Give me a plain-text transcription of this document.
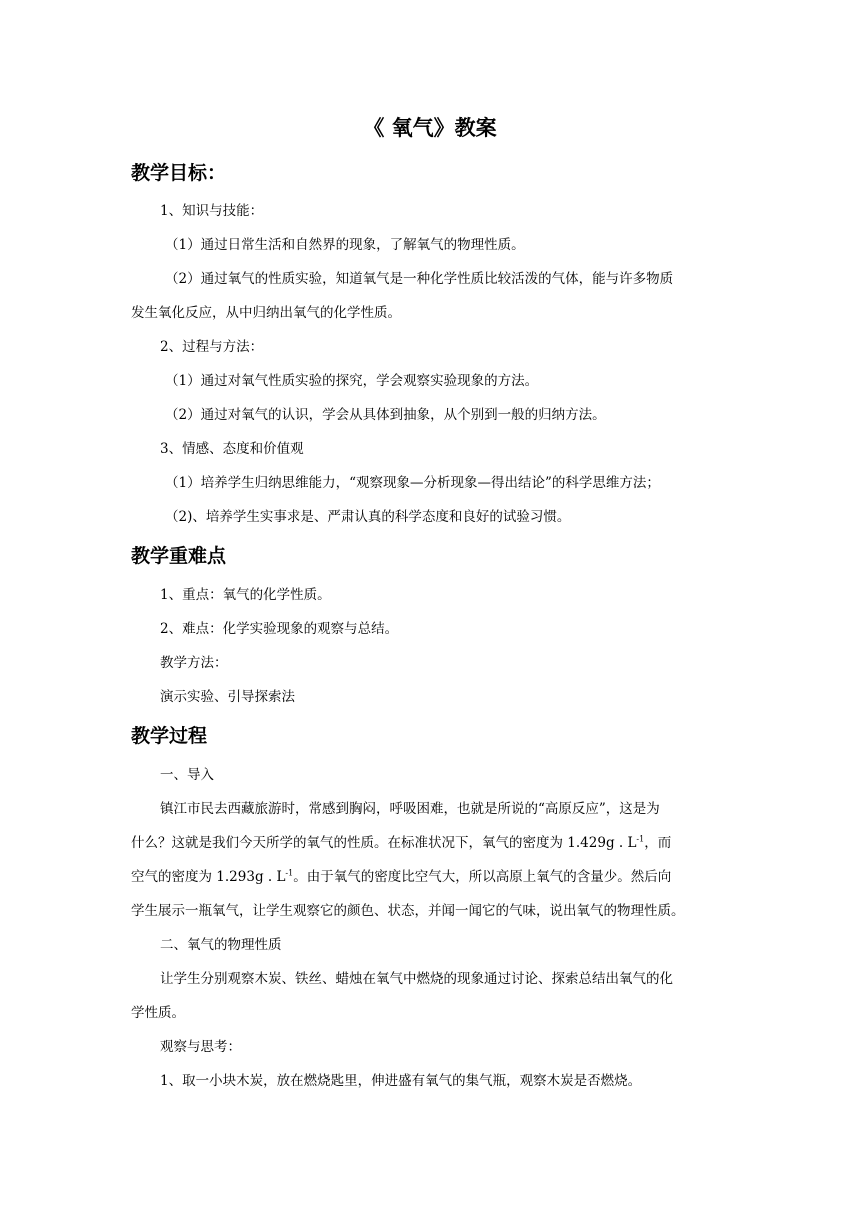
《 氧气》教案
教学目标：
1、知识与技能：
（1）通过日常生活和自然界的现象，了解氧气的物理性质。
（2）通过氧气的性质实验，知道氧气是一种化学性质比较活泼的气体，能与许多物质
发生氧化反应，从中归纳出氧气的化学性质。
2、过程与方法：
（1）通过对氧气性质实验的探究，学会观察实验现象的方法。
（2）通过对氧气的认识，学会从具体到抽象，从个别到一般的归纳方法。
3、情感、态度和价值观
（1）培养学生归纳思维能力，“观察现象—分析现象—得出结论”的科学思维方法；
（2)、培养学生实事求是、严肃认真的科学态度和良好的试验习惯。
教学重难点
1、重点：氧气的化学性质。
2、难点：化学实验现象的观察与总结。
教学方法：
演示实验、引导探索法
教学过程
一、导入
镇江市民去西藏旅游时，常感到胸闷，呼吸困难，也就是所说的“高原反应”，这是为
什么？这就是我们今天所学的氧气的性质。在标准状况下，氧气的密度为 1.429g . $L^{-1}$，而
空气的密度为 1.293g . $L^{-1}$。由于氧气的密度比空气大，所以高原上氧气的含量少。然后向
学生展示一瓶氧气，让学生观察它的颜色、状态，并闻一闻它的气味，说出氧气的物理性质。
二、氧气的物理性质
让学生分别观察木炭、铁丝、蜡烛在氧气中燃烧的现象通过讨论、探索总结出氧气的化
学性质。
观察与思考：
1、取一小块木炭，放在燃烧匙里，伸进盛有氧气的集气瓶，观察木炭是否燃烧。
